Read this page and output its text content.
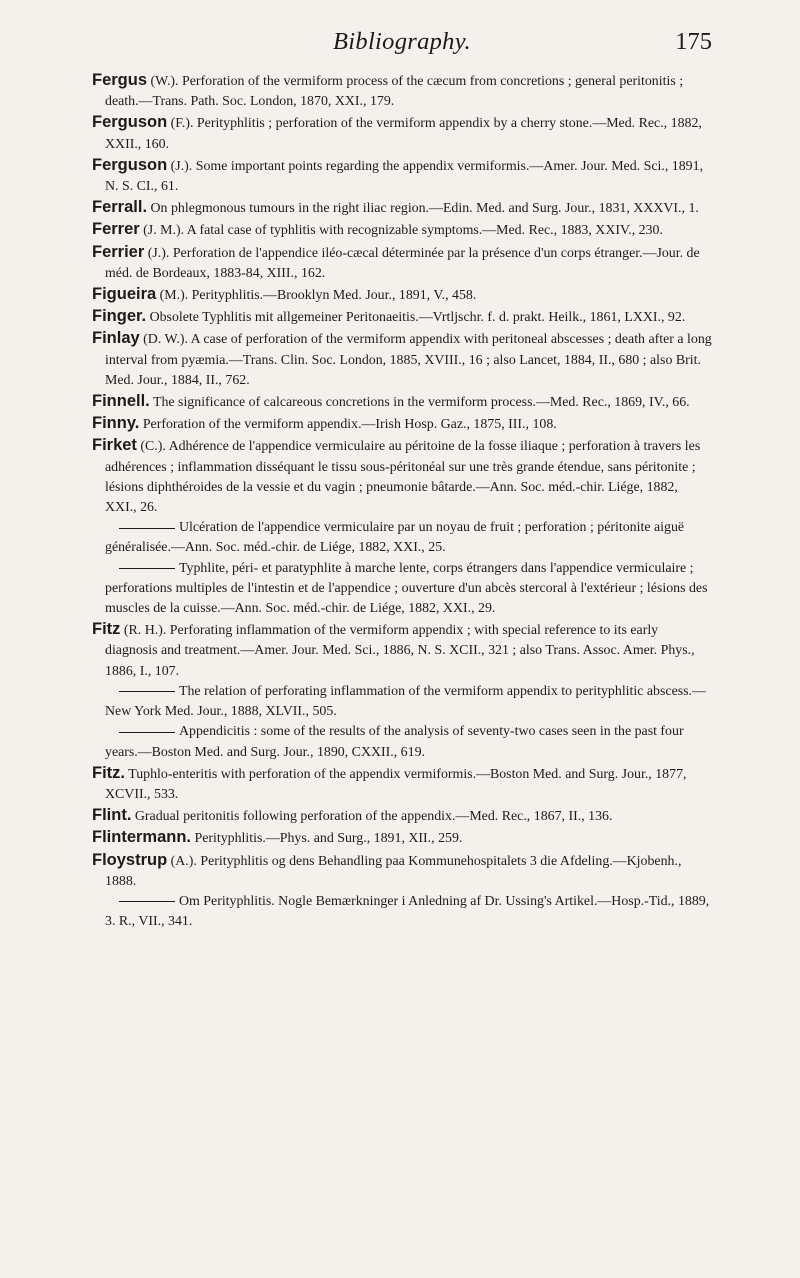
Bibliography.	175

Fergus (W.). Perforation of the vermiform process of the cæcum from concretions ; general peritonitis ; death.—Trans. Path. Soc. London, 1870, XXI., 179.

Ferguson (F.). Perityphlitis ; perforation of the vermiform appendix by a cherry stone.—Med. Rec., 1882, XXII., 160.

Ferguson (J.). Some important points regarding the appendix vermiformis.—Amer. Jour. Med. Sci., 1891, N. S. CI., 61.

Ferrall. On phlegmonous tumours in the right iliac region.—Edin. Med. and Surg. Jour., 1831, XXXVI., 1.

Ferrer (J. M.). A fatal case of typhlitis with recognizable symptoms.—Med. Rec., 1883, XXIV., 230.

Ferrier (J.). Perforation de l'appendice iléo-cæcal déterminée par la présence d'un corps étranger.—Jour. de méd. de Bordeaux, 1883-84, XIII., 162.

Figueira (M.). Perityphlitis.—Brooklyn Med. Jour., 1891, V., 458.

Finger. Obsolete Typhlitis mit allgemeiner Peritonaeitis.—Vrtljschr. f. d. prakt. Heilk., 1861, LXXI., 92.

Finlay (D. W.). A case of perforation of the vermiform appendix with peritoneal abscesses ; death after a long interval from pyæmia.—Trans. Clin. Soc. London, 1885, XVIII., 16 ; also Lancet, 1884, II., 680 ; also Brit. Med. Jour., 1884, II., 762.

Finnell. The significance of calcareous concretions in the vermiform process.—Med. Rec., 1869, IV., 66.

Finny. Perforation of the vermiform appendix.—Irish Hosp. Gaz., 1875, III., 108.

Firket (C.). Adhérence de l'appendice vermiculaire au péritoine de la fosse iliaque ; perforation à travers les adhérences ; inflammation disséquant le tissu sous-péritonéal sur une très grande étendue, sans péritonite ; lésions diphthéroides de la vessie et du vagin ; pneumonie bâtarde.—Ann. Soc. méd.-chir. Liége, 1882, XXI., 26.

Ulcération de l'appendice vermiculaire par un noyau de fruit ; perforation ; péritonite aiguë généralisée.—Ann. Soc. méd.-chir. de Liége, 1882, XXI., 25.

Typhlite, péri- et paratyphlite à marche lente, corps étrangers dans l'appendice vermiculaire ; perforations multiples de l'intestin et de l'appendice ; ouverture d'un abcès stercoral à l'extérieur ; lésions des muscles de la cuisse.—Ann. Soc. méd.-chir. de Liége, 1882, XXI., 29.

Fitz (R. H.). Perforating inflammation of the vermiform appendix ; with special reference to its early diagnosis and treatment.—Amer. Jour. Med. Sci., 1886, N. S. XCII., 321 ; also Trans. Assoc. Amer. Phys., 1886, I., 107.

The relation of perforating inflammation of the vermiform appendix to perityphlitic abscess.—New York Med. Jour., 1888, XLVII., 505.

Appendicitis : some of the results of the analysis of seventy-two cases seen in the past four years.—Boston Med. and Surg. Jour., 1890, CXXII., 619.

Fitz. Tuphlo-enteritis with perforation of the appendix vermiformis.—Boston Med. and Surg. Jour., 1877, XCVII., 533.

Flint. Gradual peritonitis following perforation of the appendix.—Med. Rec., 1867, II., 136.

Flintermann. Perityphlitis.—Phys. and Surg., 1891, XII., 259.

Floystrup (A.). Perityphlitis og dens Behandling paa Kommunehospitalets 3 die Afdeling.—Kjobenh., 1888.

Om Perityphlitis. Nogle Bemærkninger i Anledning af Dr. Ussing's Artikel.—Hosp.-Tid., 1889, 3. R., VII., 341.
